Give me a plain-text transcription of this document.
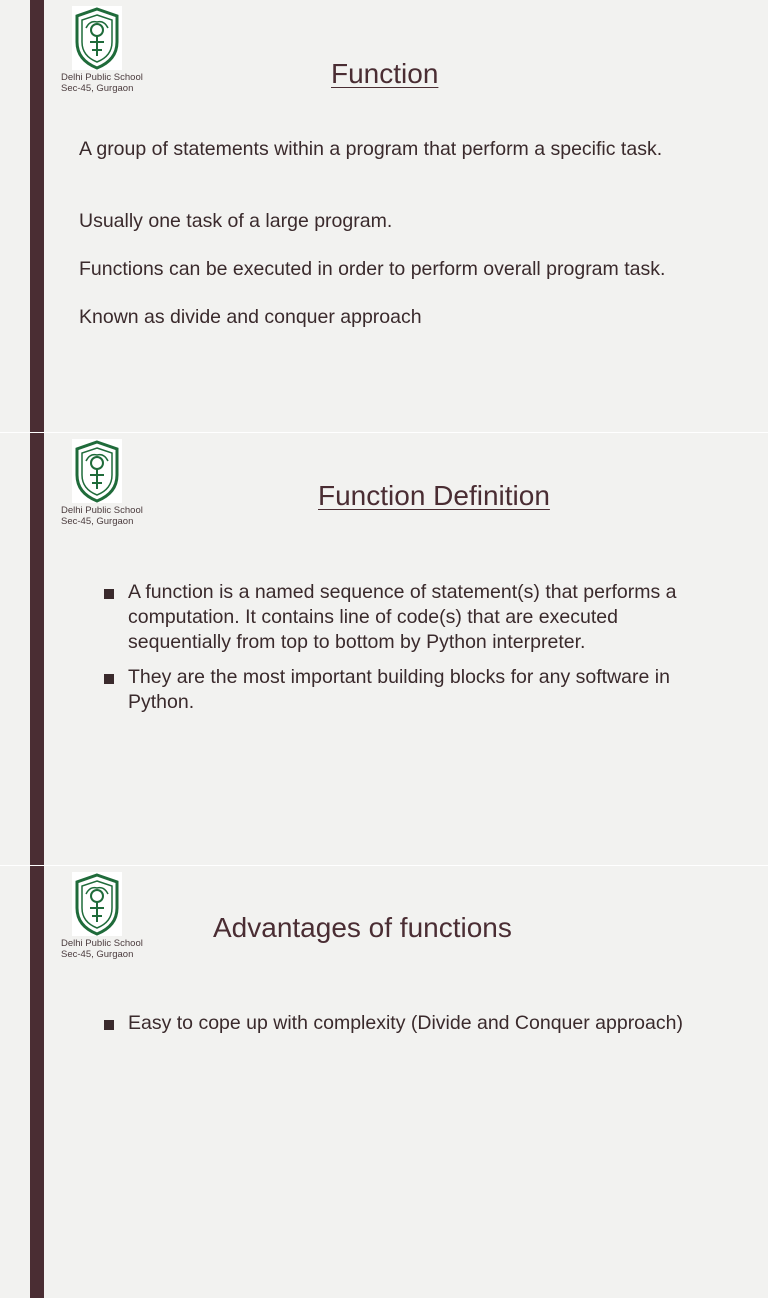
Delhi Public School
Sec-45, Gurgaon	Function

A group of statements within a program that perform a specific task.

Usually one task of a large program.

Functions can be executed in order to perform overall program task.

Known as divide and conquer approach

Delhi Public School
Sec-45, Gurgaon
Function Definition
A function is a named sequence of statement(s) that performs a computation. It contains line of code(s) that are executed sequentially from top to bottom by Python interpreter.
They are the most important building blocks for any software in Python.
Delhi Public School
Sec-45, Gurgaon
Advantages of functions
Easy to cope up with complexity (Divide and Conquer approach)
